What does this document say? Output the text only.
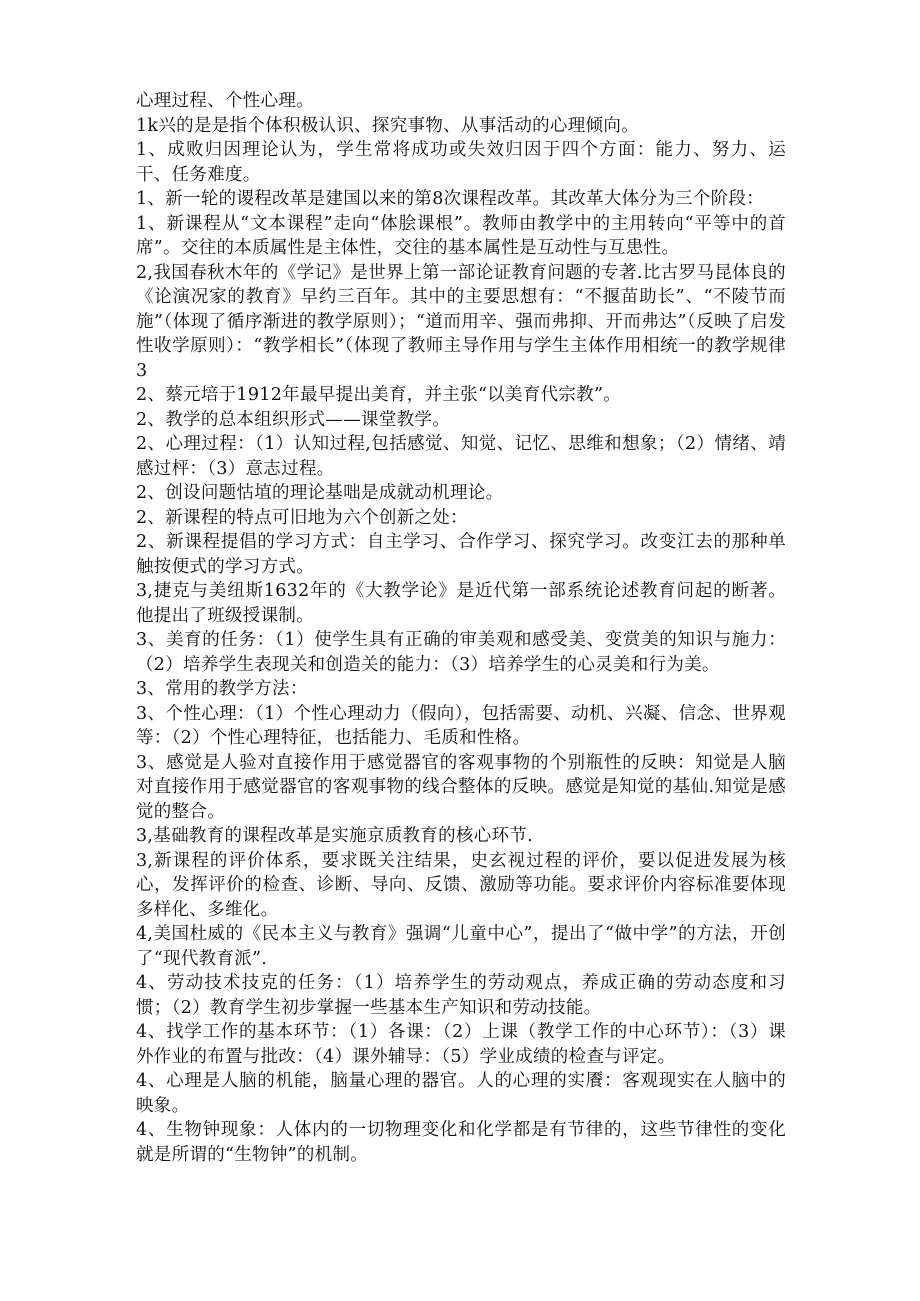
心理过程、个性心理。

1k兴的是是指个体积极认识、探究事物、从事活动的心理倾向。

1、成败归因理论认为，学生常将成功或失效归因于四个方面：能力、努力、运干、任务难度。

1、新一轮的谡程改革是建国以来的第8次课程改革。其改革大体分为三个阶段：

1、新课程从“文本课程”走向“体脍课根”。教师由教学中的主用转向“平等中的首席”。交往的本质属性是主体性，交往的基本属性是互动性与互患性。

2,我国春秋木年的《学记》是世界上第一部论证教育问题的专著.比古罗马昆体良的《论演况家的教育》早约三百年。其中的主要思想有：“不揠苗助长”、“不陵节而施”（体现了循序渐进的教学原则）；“道而用辛、强而弗抑、开而弗达”（反映了启发性收学原则）：“教学相长”（体现了教师主导作用与学生主体作用相统一的教学规律3

2、蔡元培于1912年最早提出美育，并主张“以美育代宗教”。

2、教学的总本组织形式——课堂教学。

2、心理过程：（1）认知过程,包括感觉、知觉、记忆、思维和想象；（2）情绪、靖感过枰：（3）意志过程。

2、创设问题怙埴的理论基咄是成就动机理论。

2、新课程的特点可旧地为六个创新之处：

2、新课程提倡的学习方式：自主学习、合作学习、探究学习。改变江去的那种单触按便式的学习方式。

3,捷克与美纽斯1632年的《大教学论》是近代第一部系统论述教育问起的断著。他提出了班级授课制。

3、美育的任务：（1）使学生具有正确的审美观和感受美、变赏美的知识与施力：（2）培养学生表现关和创造关的能力：（3）培养学生的心灵美和行为美。

3、常用的教学方法：

3、个性心理：（1）个性心理动力（假向），包括需要、动机、兴凝、信念、世界观等：（2）个性心理特征，也括能力、毛质和性格。

3、感觉是人验对直接作用于感觉器官的客观事物的个别瓶性的反映：知觉是人脑对直接作用于感觉器官的客观事物的线合整体的反映。感觉是知觉的基仙.知觉是感觉的整合。

3,基础教育的课程改革是实施京质教育的核心环节.

3,新课程的评价体系，要求既关注结果，史玄视过程的评价，要以促进发展为核心，发挥评价的检查、诊断、导向、反馈、激励等功能。要求评价内容标准要体现多样化、多维化。

4,美国杜威的《民本主义与教育》强调“儿童中心”，提出了“做中学”的方法，开创了“现代教育派”.

4、劳动技术技克的任务：（1）培养学生的劳动观点，养成正确的劳动态度和习惯；（2）教育学生初步掌握一些基本生产知识和劳动技能。

4、找学工作的基本环节：（1）各课：（2）上课（教学工作的中心环节）：（3）课外作业的布置与批改：（4）课外辅导：（5）学业成绩的检查与评定。

4、心理是人脑的机能，脑量心理的器官。人的心理的实餍：客观现实在人脑中的映象。

4、生物钟现象：人体内的一切物理变化和化学都是有节律的，这些节律性的变化就是所谓的“生物钟”的机制。
